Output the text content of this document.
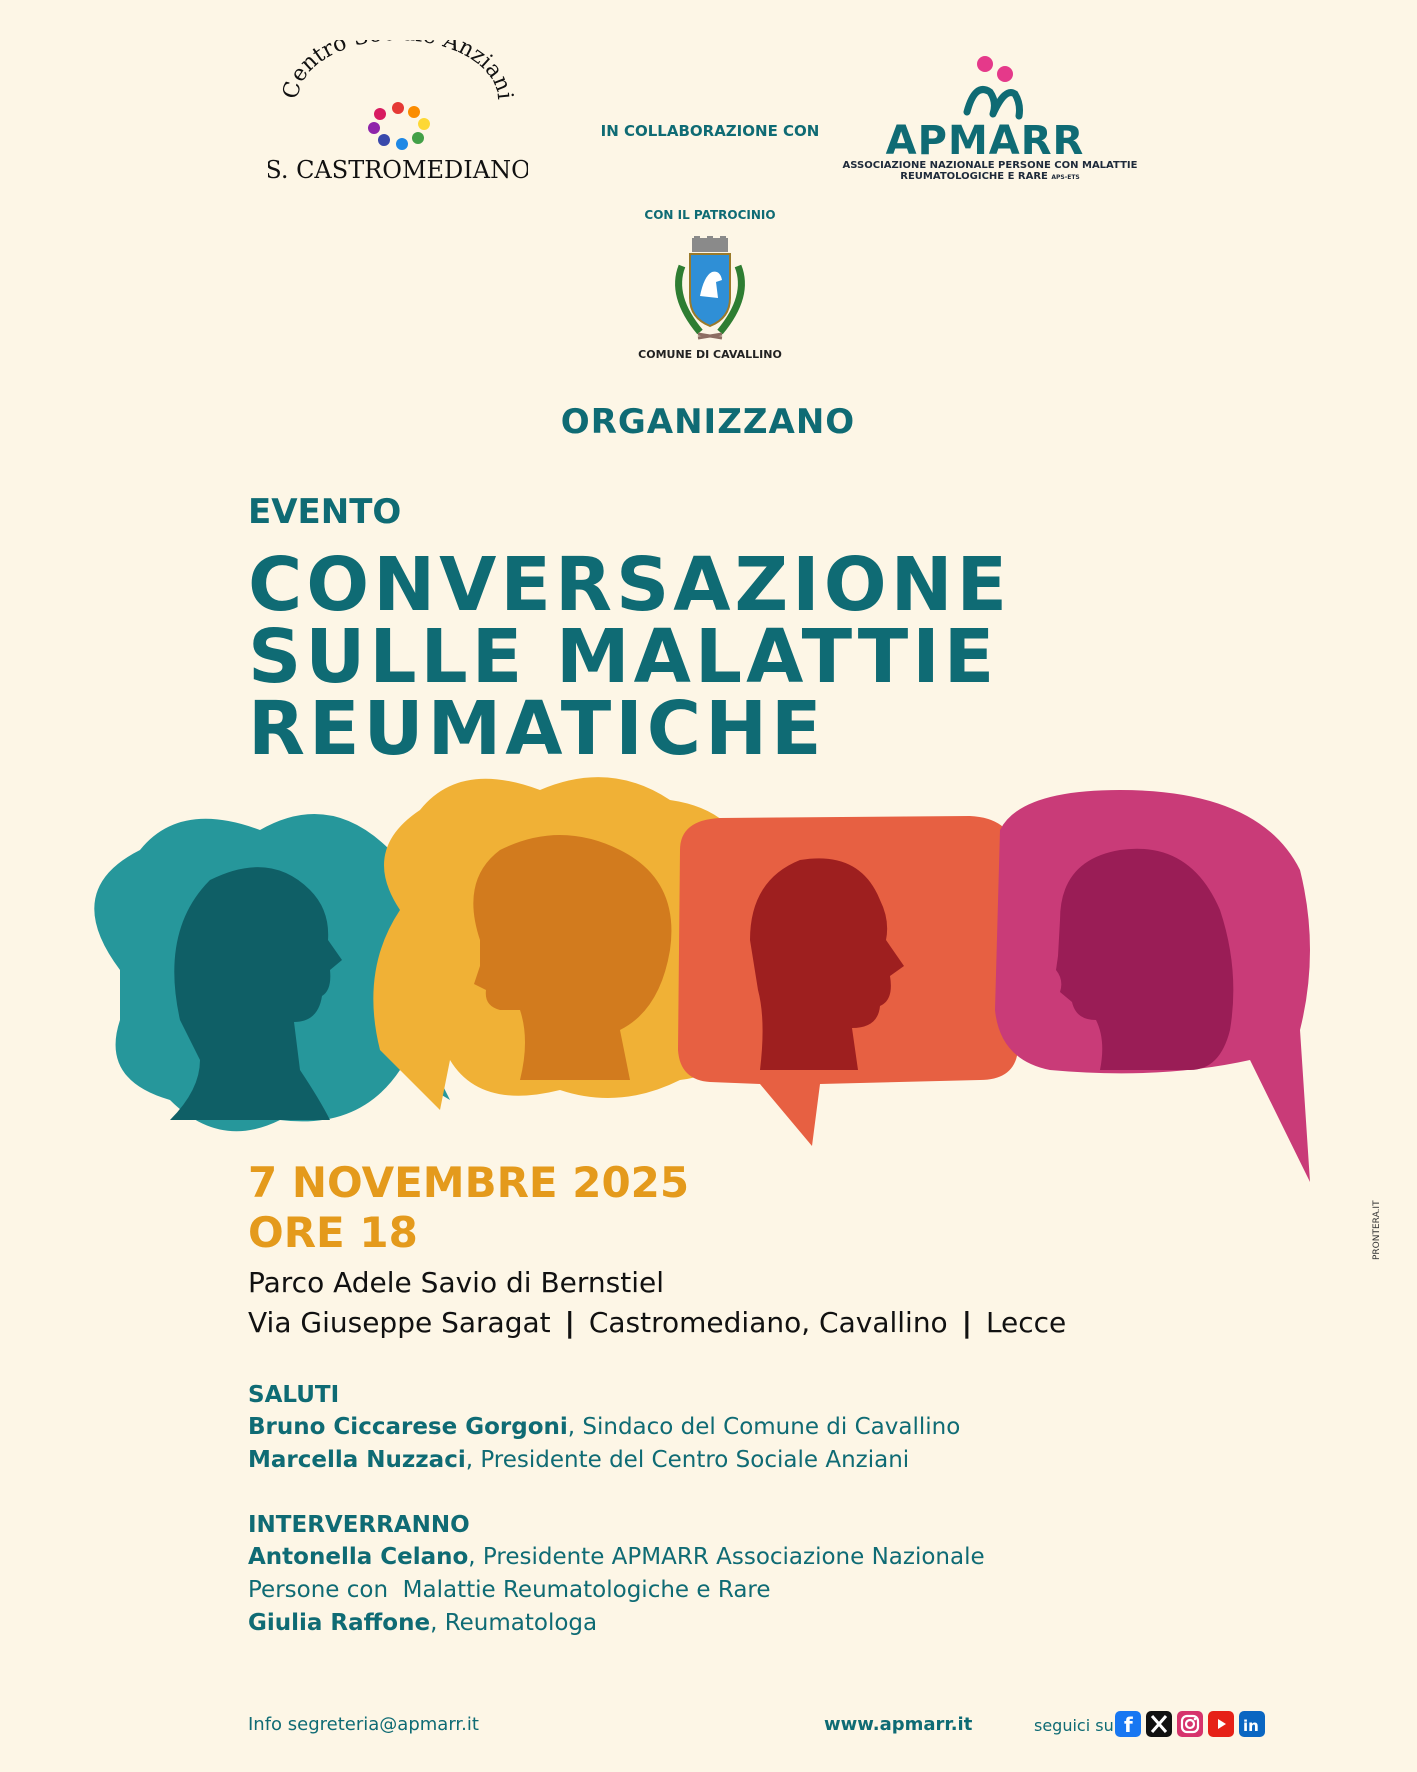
Centro Anziani
"S. CASTROMEDIANO"
IN COLLABORAZIONE CON	APMARR
ASSOCIAZIONE NAZIONALE PERSONE CON MALATTIE
REUMATOLOGICHE E RARE APS-ETS
CON IL PATROCINIO
COMUNE DI CAVALLINO
ORGANIZZANO
EVENTO
CONVERSAZIONE
SULLE MALATTIE
REUMATICHE
7 NOVEMBRE 2025
ORE 18
Parco Adele Savio di Bernstiel
Via Giuseppe Saragat | Castromediano, Cavallino | Lecce
SALUTI
Bruno Ciccarese Gorgoni, Sindaco del Comune di Cavallino
Marcella Nuzzaci, Presidente del Centro Sociale Anziani
INTERVERRANNO
Antonella Celano, Presidente APMARR Associazione Nazionale
Persone con  Malattie Reumatologiche e Rare
Giulia Raffone, Reumatologa
Info segreteria@apmarr.it	www.apmarr.it	seguici su f	in
PRONTERA.IT
